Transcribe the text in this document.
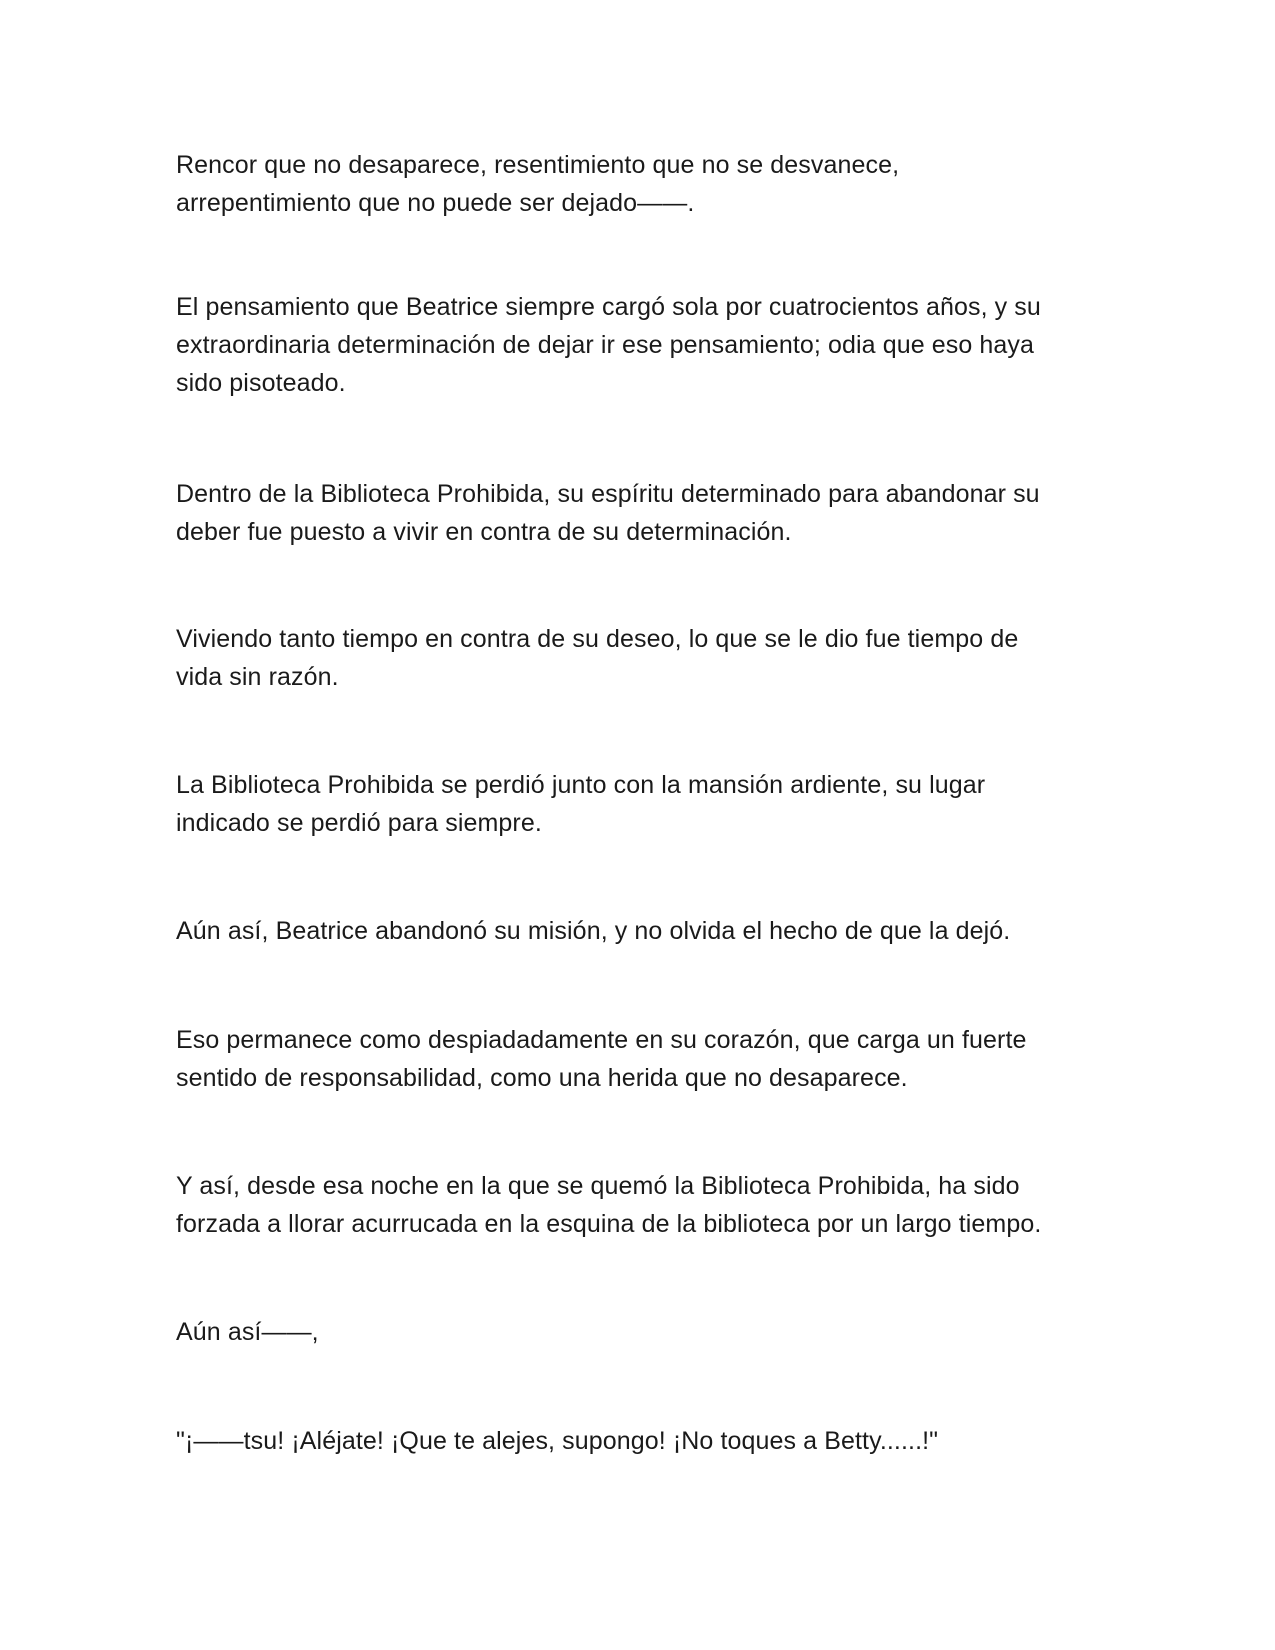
Rencor que no desaparece, resentimiento que no se desvanece,
arrepentimiento que no puede ser dejado——.

El pensamiento que Beatrice siempre cargó sola por cuatrocientos años, y su
extraordinaria determinación de dejar ir ese pensamiento; odia que eso haya
sido pisoteado.

Dentro de la Biblioteca Prohibida, su espíritu determinado para abandonar su
deber fue puesto a vivir en contra de su determinación.

Viviendo tanto tiempo en contra de su deseo, lo que se le dio fue tiempo de
vida sin razón.

La Biblioteca Prohibida se perdió junto con la mansión ardiente, su lugar
indicado se perdió para siempre.

Aún así, Beatrice abandonó su misión, y no olvida el hecho de que la dejó.

Eso permanece como despiadadamente en su corazón, que carga un fuerte
sentido de responsabilidad, como una herida que no desaparece.

Y así, desde esa noche en la que se quemó la Biblioteca Prohibida, ha sido
forzada a llorar acurrucada en la esquina de la biblioteca por un largo tiempo.

Aún así——,

"¡——tsu! ¡Aléjate! ¡Que te alejes, supongo! ¡No toques a Betty......!"
